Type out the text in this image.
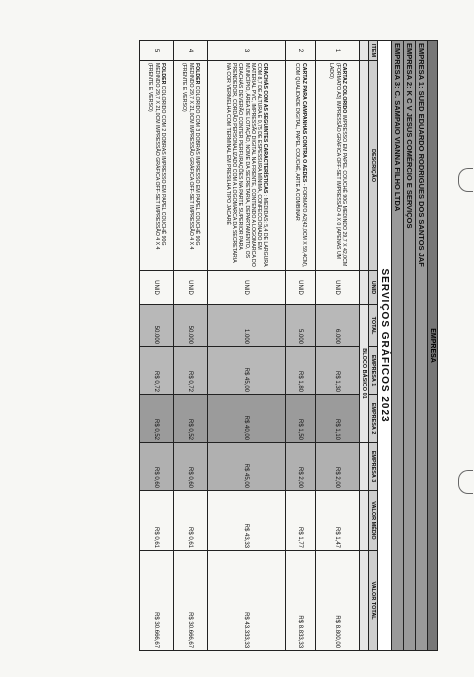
EMPRESA								
EMPRESA 1: SUED EDUARDO RODRIGUES DOS SANTOS JAF								
EMPRESA 2: K C V JESUS COMÉRCIO E SERVIÇOS								
EMPRESA 3: C. SAMPAIO VIANNA FILHO LTDA								
SERVIÇOS GRÁFICOS 2023								
ITEM	DESCRIÇÃO	UNID	TOTAL	EMPRESA 1	EMPRESA 2	EMPRESA 3	VALOR MÉDIO	VALOR TOTAL
			BLOCO BÁSICO 01					
1	CARTAZ COLORIDO IMPRESSO EM PAPEL COUCHÊ 90G MEDINDO 29,7 X 42,0CM (FORMATO A3) IMPRESSÃO GRÁFICA OFF-SET IMPRESSÃO 4 X 0 (APENAS UM LADO)	UNID	6.000	R$ 1,30	R$ 1,10	R$ 2,00	R$ 1,47	R$ 8.800,00
2	CARTAZ PARA CAMPANHAS CONTRA O AEDES - FORMATO A2(42,0CM X 59,4CM), COM QUALIDADE DIGITAL, PAPEL COUCHÊ, ARTE A COMBINAR	UNID	5.000	R$ 1,80	R$ 1,50	R$ 2,00	R$ 1,77	R$ 8.833,33
3	CRACHÁS COM AS SEGUINTES CARACTERÍSTICAS : MEDIDAS: 5,4 DE LARGURA COM 8,7 DE ALTURA E 0,75 DE ESPESSURA MÍNIMA, CONFECCIONADO EM MATERIAL PVC, IMPRESSÃO DIGITAL NA FRENTE, CONTENDO A LOGOMARCA DO MUNICÍPIO, ÁREA DE LOTAÇÃO, NOME DA SECRETARIA, DEPARTAMENTO, OS CRACHÁS DEVERÃO CONTER PERFURAÇÕES NA PARTE SUPERIOR PARA PRENDEDOR, CORDÃO PERSONALIZADO COM A LOGOMARCA DA SECRETARIA NA COR VERMELHA COM TERMINAL EM PRESILHA TIPO JACARÉ	UNID	1.000	R$ 45,00	R$ 40,00	R$ 45,00	R$ 43,33	R$ 43.333,33
4	FOLDER COLORIDO COM 3 DOBRAS IMPRESSO EM PAPEL COUCHÊ 90G MEDINDO 29,7 X 21,0CM IMPRESSÃO GRÁFICA OFF-SET IMPRESSÃO 4 X 4 (FRENTE E VERSO)	UNID	50.000	R$ 0,72	R$ 0,52	R$ 0,60	R$ 0,61	R$ 30.666,67
5	FOLDER COLORIDO COM 2 DOBRAS IMPRESSO EM PAPEL COUCHÊ 90G MEDINDO 29,7 X 21,0CM IMPRESSÃO GRÁFICA OFF-SET IMPRESSÃO 4 X 4 (FRENTE E VERSO)	UNID	50.000	R$ 0,72	R$ 0,52	R$ 0,60	R$ 0,61	R$ 30.666,67
